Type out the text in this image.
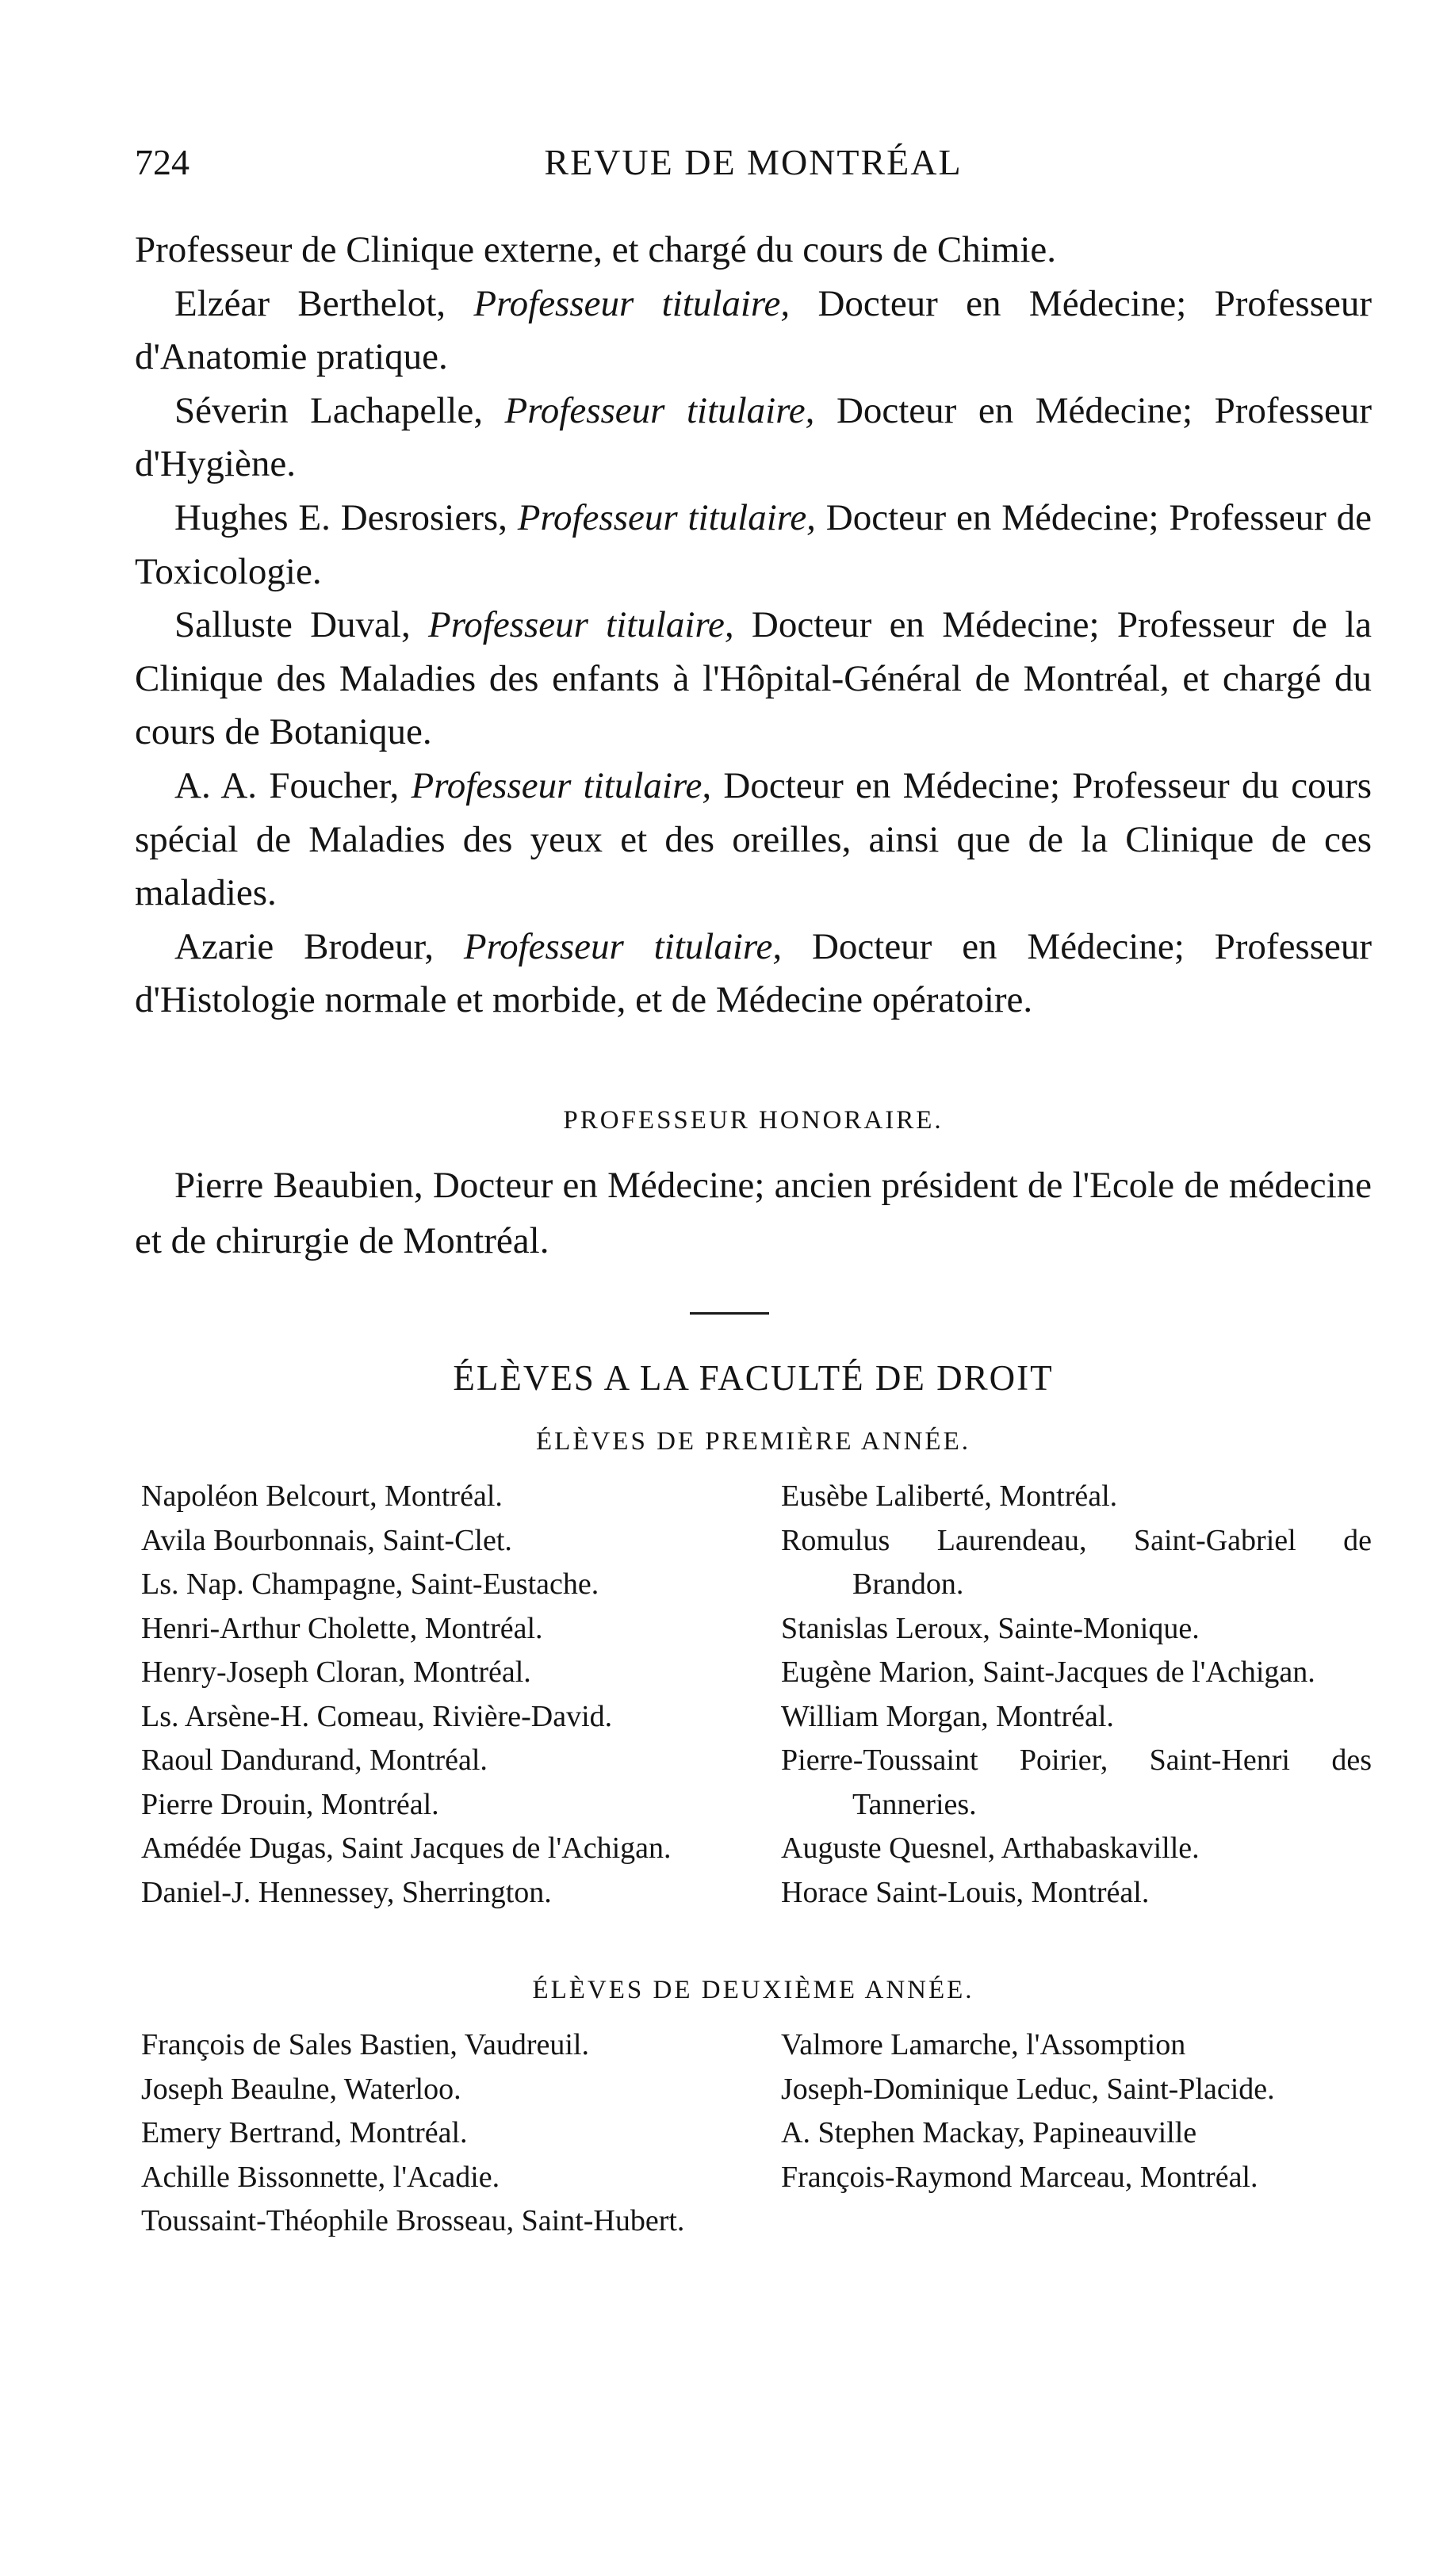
724	REVUE DE MONTRÉAL

Professeur de Clinique externe, et chargé du cours de Chimie.

Elzéar Berthelot, Professeur titulaire, Docteur en Médecine; Professeur d'Anatomie pratique.

Séverin Lachapelle, Professeur titulaire, Docteur en Médecine; Professeur d'Hygiène.

Hughes E. Desrosiers, Professeur titulaire, Docteur en Médecine; Professeur de Toxicologie.

Salluste Duval, Professeur titulaire, Docteur en Médecine; Professeur de la Clinique des Maladies des enfants à l'Hôpital-Général de Montréal, et chargé du cours de Botanique.

A. A. Foucher, Professeur titulaire, Docteur en Médecine; Professeur du cours spécial de Maladies des yeux et des oreilles, ainsi que de la Clinique de ces maladies.

Azarie Brodeur, Professeur titulaire, Docteur en Médecine; Professeur d'Histologie normale et morbide, et de Médecine opératoire.

PROFESSEUR HONORAIRE.

Pierre Beaubien, Docteur en Médecine; ancien président de l'Ecole de médecine et de chirurgie de Montréal.

ÉLÈVES A LA FACULTÉ DE DROIT
ÉLÈVES DE PREMIÈRE ANNÉE.
Napoléon Belcourt, Montréal.
Avila Bourbonnais, Saint-Clet.
Ls. Nap. Champagne, Saint-Eustache.
Henri-Arthur Cholette, Montréal.
Henry-Joseph Cloran, Montréal.
Ls. Arsène-H. Comeau, Rivière-David.
Raoul Dandurand, Montréal.
Pierre Drouin, Montréal.
Amédée Dugas, Saint Jacques de l'Achigan.
Daniel-J. Hennessey, Sherrington.
Eusèbe Laliberté, Montréal.
Romulus Laurendeau, Saint-Gabriel de Brandon.
Stanislas Leroux, Sainte-Monique.
Eugène Marion, Saint-Jacques de l'Achigan.
William Morgan, Montréal.
Pierre-Toussaint Poirier, Saint-Henri des Tanneries.
Auguste Quesnel, Arthabaskaville.
Horace Saint-Louis, Montréal.
ÉLÈVES DE DEUXIÈME ANNÉE.
François de Sales Bastien, Vaudreuil.
Joseph Beaulne, Waterloo.
Emery Bertrand, Montréal.
Achille Bissonnette, l'Acadie.
Toussaint-Théophile Brosseau, Saint-Hubert.
Valmore Lamarche, l'Assomption
Joseph-Dominique Leduc, Saint-Placide.
A. Stephen Mackay, Papineauville
François-Raymond Marceau, Montréal.
